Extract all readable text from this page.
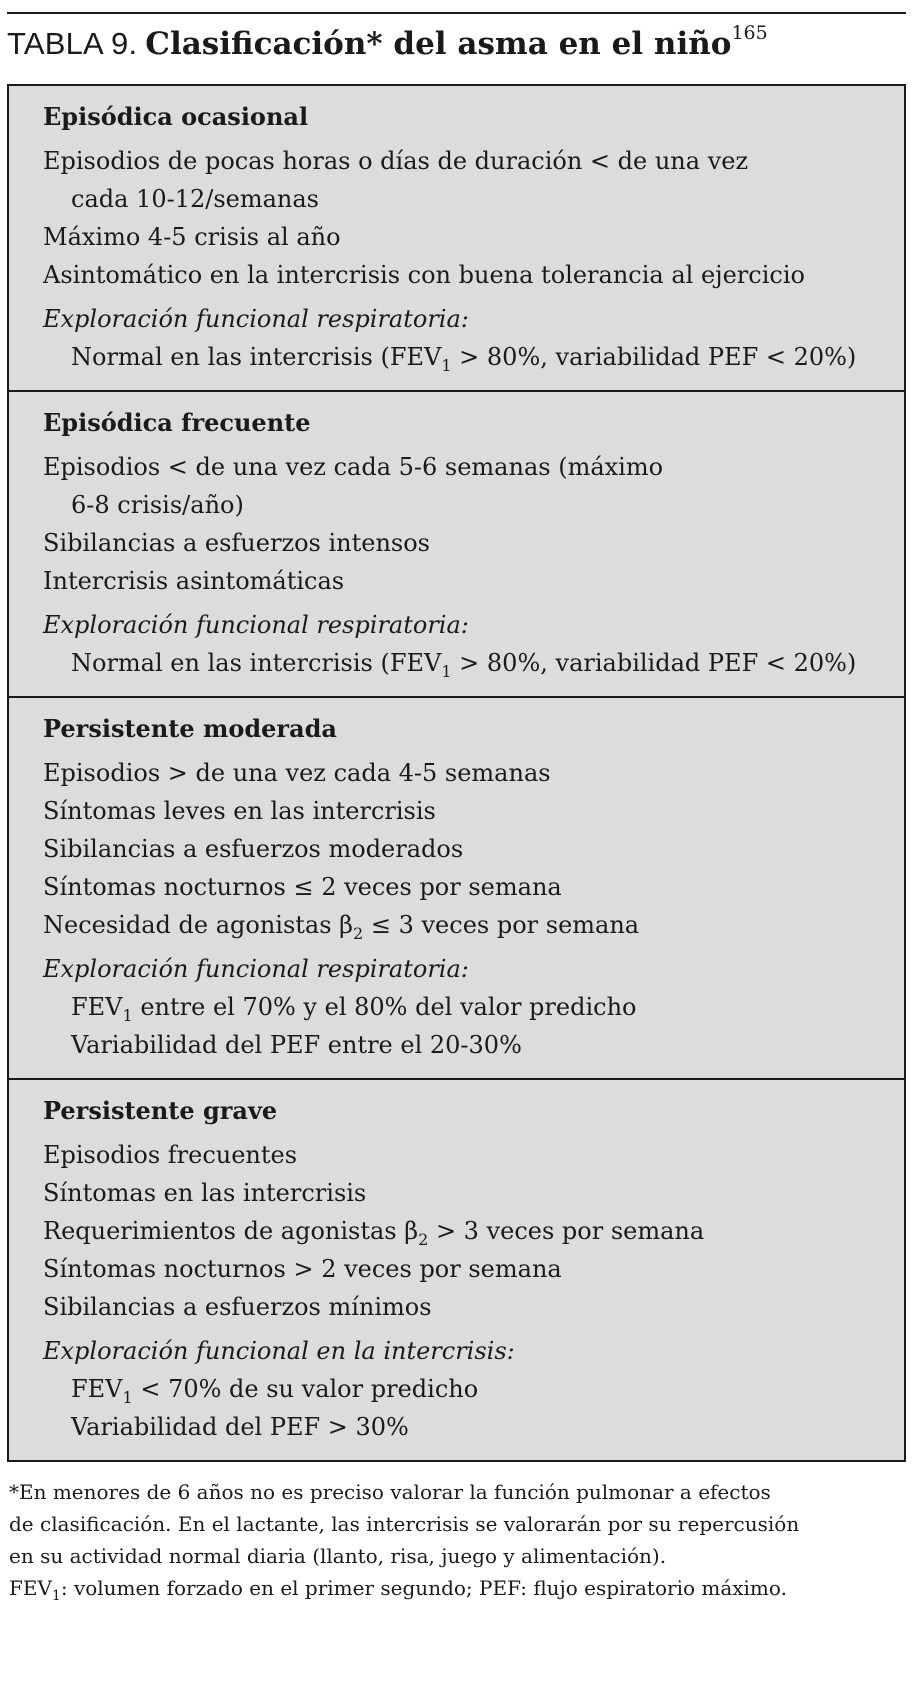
TABLA 9. Clasificación* del asma en el niño$^{165}$
Episódica ocasional
Episodios de pocas horas o días de duración < de una vez
cada 10-12/semanas
Máximo 4-5 crisis al año
Asintomático en la intercrisis con buena tolerancia al ejercicio
Exploración funcional respiratoria:
Normal en las intercrisis ($FEV_1 > 80\%$, variabilidad PEF < 20%)
Episódica frecuente
Episodios < de una vez cada 5-6 semanas (máximo
6-8 crisis/año)
Sibilancias a esfuerzos intensos
Intercrisis asintomáticas
Exploración funcional respiratoria:
Normal en las intercrisis ($FEV_1 > 80\%$, variabilidad PEF < 20%)
Persistente moderada
Episodios > de una vez cada 4-5 semanas
Síntomas leves en las intercrisis
Sibilancias a esfuerzos moderados
Síntomas nocturnos ≤ 2 veces por semana
Necesidad de agonistas $\beta_2 \le 3$ veces por semana
Exploración funcional respiratoria:
$FEV_1$ entre el 70% y el 80% del valor predicho
Variabilidad del PEF entre el 20-30%
Persistente grave
Episodios frecuentes
Síntomas en las intercrisis
Requerimientos de agonistas $\beta_2 > 3$ veces por semana
Síntomas nocturnos > 2 veces por semana
Sibilancias a esfuerzos mínimos
Exploración funcional en la intercrisis:
$FEV_1 < 70\%$ de su valor predicho
Variabilidad del PEF > 30%
*En menores de 6 años no es preciso valorar la función pulmonar a efectos
de clasificación. En el lactante, las intercrisis se valorarán por su repercusión
en su actividad normal diaria (llanto, risa, juego y alimentación).
$FEV_1$: volumen forzado en el primer segundo; PEF: flujo espiratorio máximo.
